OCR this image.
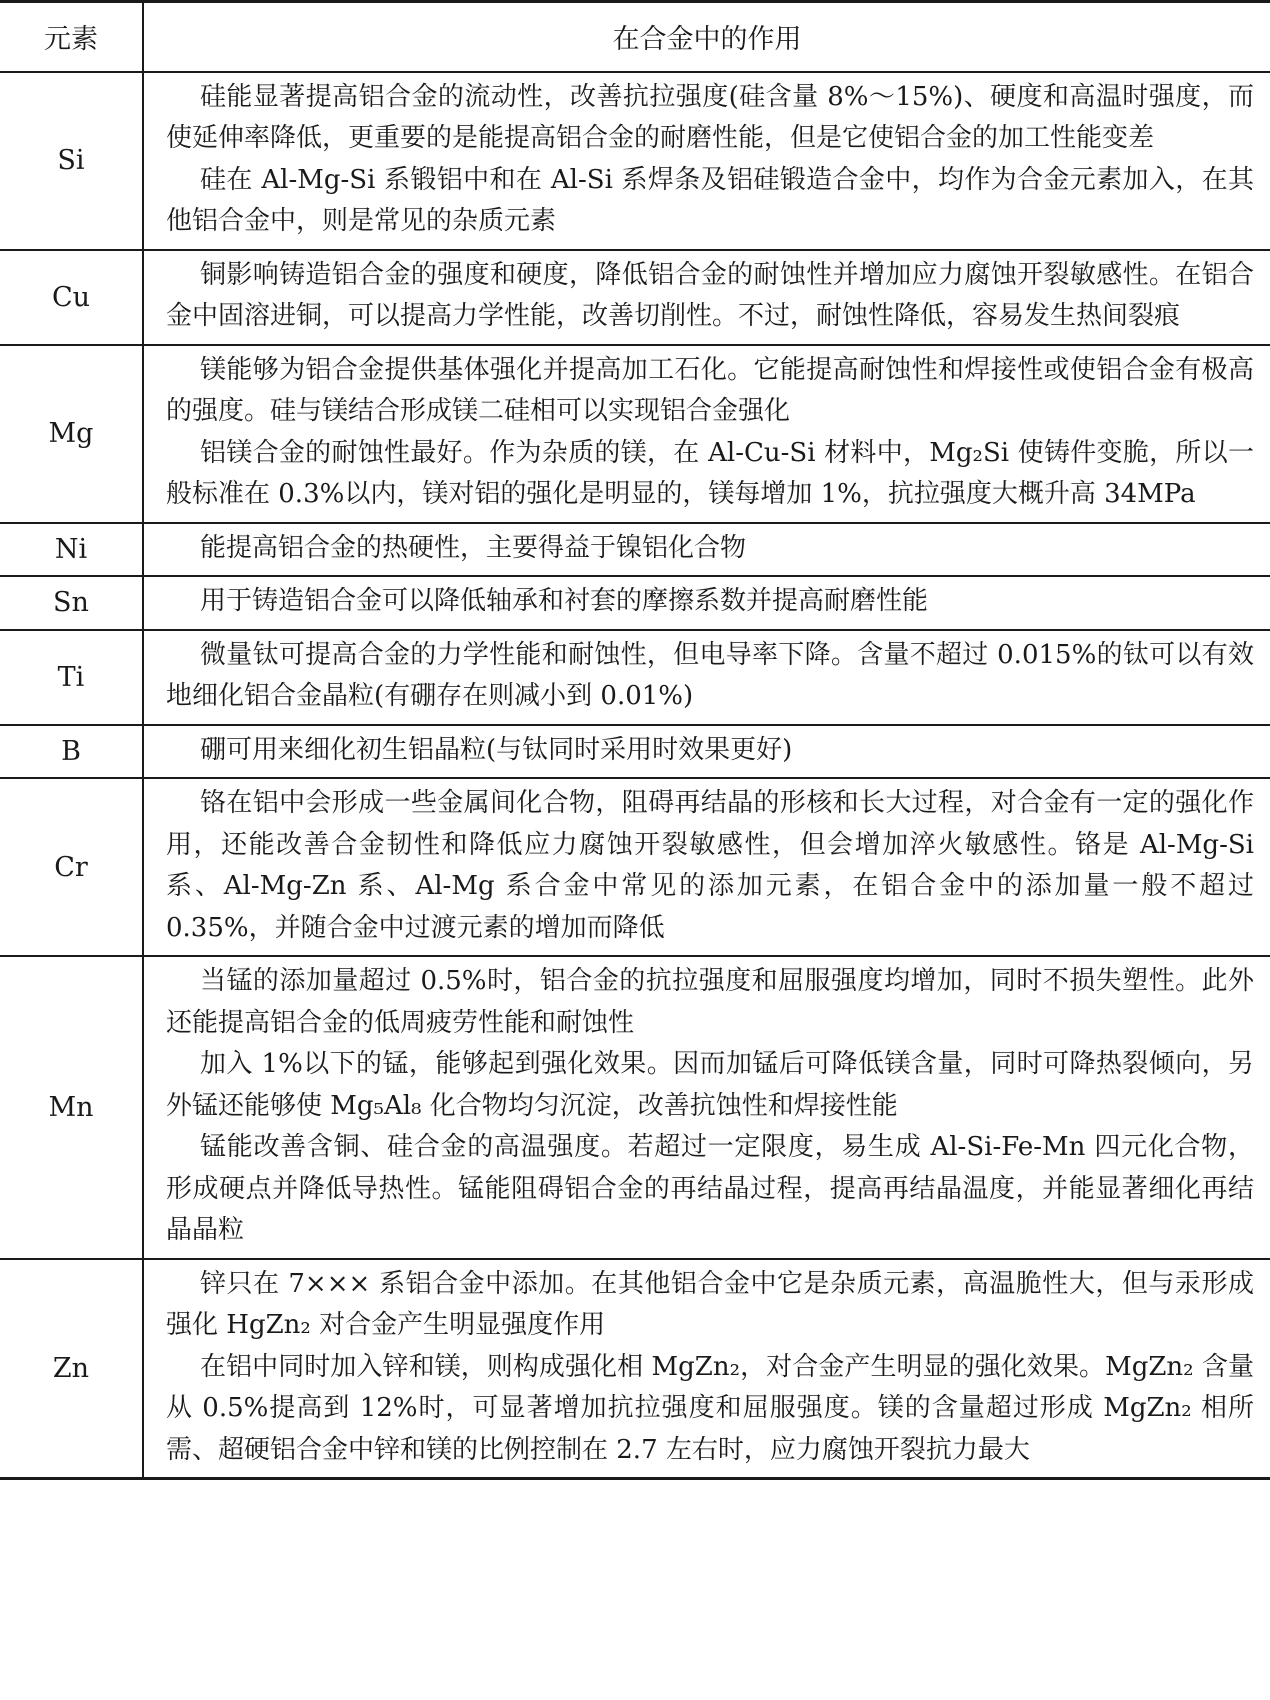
元素	在合金中的作用
Si	硅能显著提高铝合金的流动性，改善抗拉强度(硅含量 8%～15%)、硬度和高温时强度，而使延伸率降低，更重要的是能提高铝合金的耐磨性能，但是它使铝合金的加工性能变差

硅在 Al-Mg-Si 系锻铝中和在 Al-Si 系焊条及铝硅锻造合金中，均作为合金元素加入，在其他铝合金中，则是常见的杂质元素

Cu	铜影响铸造铝合金的强度和硬度，降低铝合金的耐蚀性并增加应力腐蚀开裂敏感性。在铝合金中固溶进铜，可以提高力学性能，改善切削性。不过，耐蚀性降低，容易发生热间裂痕

Mg	镁能够为铝合金提供基体强化并提高加工石化。它能提高耐蚀性和焊接性或使铝合金有极高的强度。硅与镁结合形成镁二硅相可以实现铝合金强化

铝镁合金的耐蚀性最好。作为杂质的镁，在 Al-Cu-Si 材料中，Mg₂Si 使铸件变脆，所以一般标准在 0.3%以内，镁对铝的强化是明显的，镁每增加 1%，抗拉强度大概升高 34MPa

Ni	能提高铝合金的热硬性，主要得益于镍铝化合物

Sn	用于铸造铝合金可以降低轴承和衬套的摩擦系数并提高耐磨性能

Ti	微量钛可提高合金的力学性能和耐蚀性，但电导率下降。含量不超过 0.015%的钛可以有效地细化铝合金晶粒(有硼存在则减小到 0.01%)

B	硼可用来细化初生铝晶粒(与钛同时采用时效果更好)

Cr	铬在铝中会形成一些金属间化合物，阻碍再结晶的形核和长大过程，对合金有一定的强化作用，还能改善合金韧性和降低应力腐蚀开裂敏感性，但会增加淬火敏感性。铬是 Al-Mg-Si 系、Al-Mg-Zn 系、Al-Mg 系合金中常见的添加元素，在铝合金中的添加量一般不超过 0.35%，并随合金中过渡元素的增加而降低

Mn	当锰的添加量超过 0.5%时，铝合金的抗拉强度和屈服强度均增加，同时不损失塑性。此外还能提高铝合金的低周疲劳性能和耐蚀性

加入 1%以下的锰，能够起到强化效果。因而加锰后可降低镁含量，同时可降热裂倾向，另外锰还能够使 Mg₅Al₈ 化合物均匀沉淀，改善抗蚀性和焊接性能

锰能改善含铜、硅合金的高温强度。若超过一定限度，易生成 Al-Si-Fe-Mn 四元化合物，形成硬点并降低导热性。锰能阻碍铝合金的再结晶过程，提高再结晶温度，并能显著细化再结晶晶粒

Zn	锌只在 7××× 系铝合金中添加。在其他铝合金中它是杂质元素，高温脆性大，但与汞形成强化 HgZn₂ 对合金产生明显强度作用

在铝中同时加入锌和镁，则构成强化相 MgZn₂，对合金产生明显的强化效果。MgZn₂ 含量从 0.5%提高到 12%时，可显著增加抗拉强度和屈服强度。镁的含量超过形成 MgZn₂ 相所需、超硬铝合金中锌和镁的比例控制在 2.7 左右时，应力腐蚀开裂抗力最大
